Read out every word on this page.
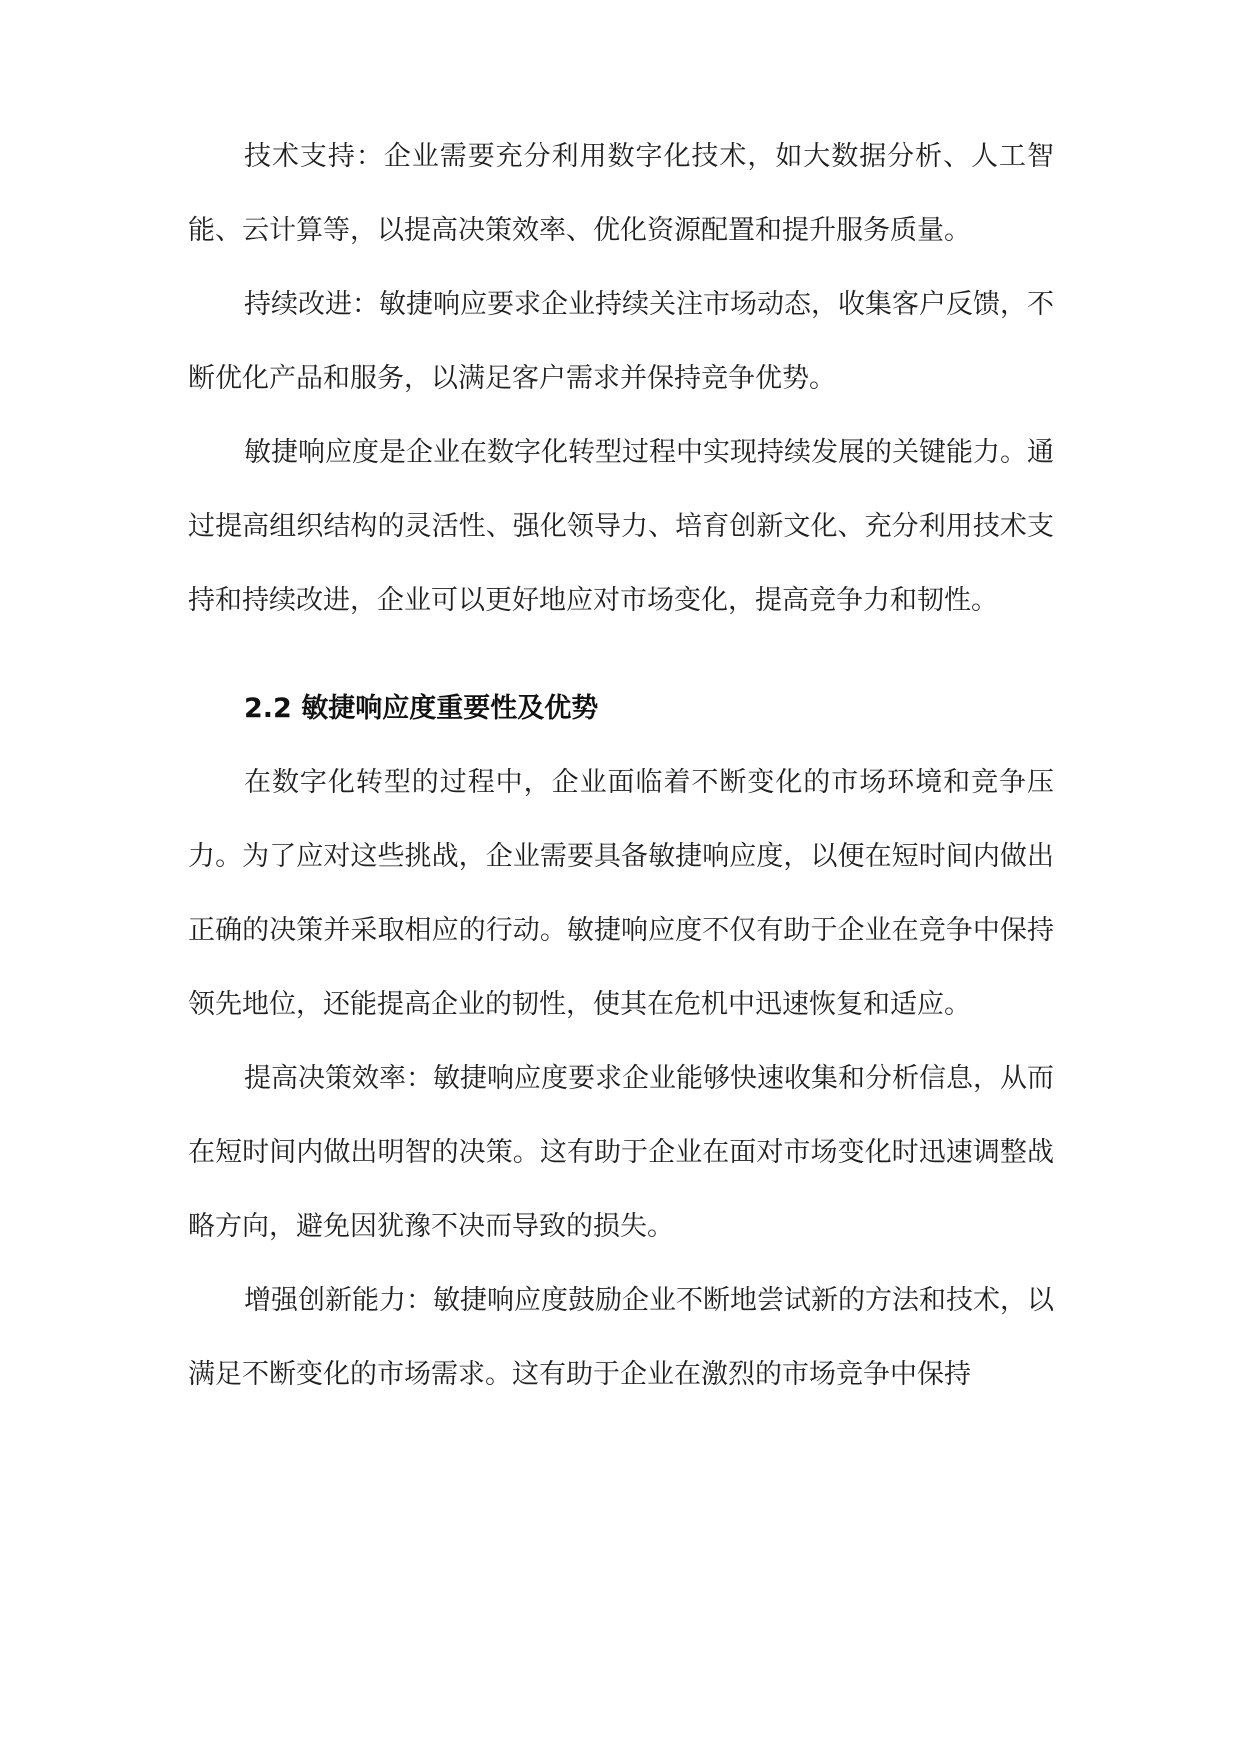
技术支持：企业需要充分利用数字化技术，如大数据分析、人工智能、云计算等，以提高决策效率、优化资源配置和提升服务质量。

持续改进：敏捷响应要求企业持续关注市场动态，收集客户反馈，不断优化产品和服务，以满足客户需求并保持竞争优势。

敏捷响应度是企业在数字化转型过程中实现持续发展的关键能力。通过提高组织结构的灵活性、强化领导力、培育创新文化、充分利用技术支持和持续改进，企业可以更好地应对市场变化，提高竞争力和韧性。

2.2 敏捷响应度重要性及优势

在数字化转型的过程中，企业面临着不断变化的市场环境和竞争压力。为了应对这些挑战，企业需要具备敏捷响应度，以便在短时间内做出正确的决策并采取相应的行动。敏捷响应度不仅有助于企业在竞争中保持领先地位，还能提高企业的韧性，使其在危机中迅速恢复和适应。

提高决策效率：敏捷响应度要求企业能够快速收集和分析信息，从而在短时间内做出明智的决策。这有助于企业在面对市场变化时迅速调整战略方向，避免因犹豫不决而导致的损失。

增强创新能力：敏捷响应度鼓励企业不断地尝试新的方法和技术，以满足不断变化的市场需求。这有助于企业在激烈的市场竞争中保持
